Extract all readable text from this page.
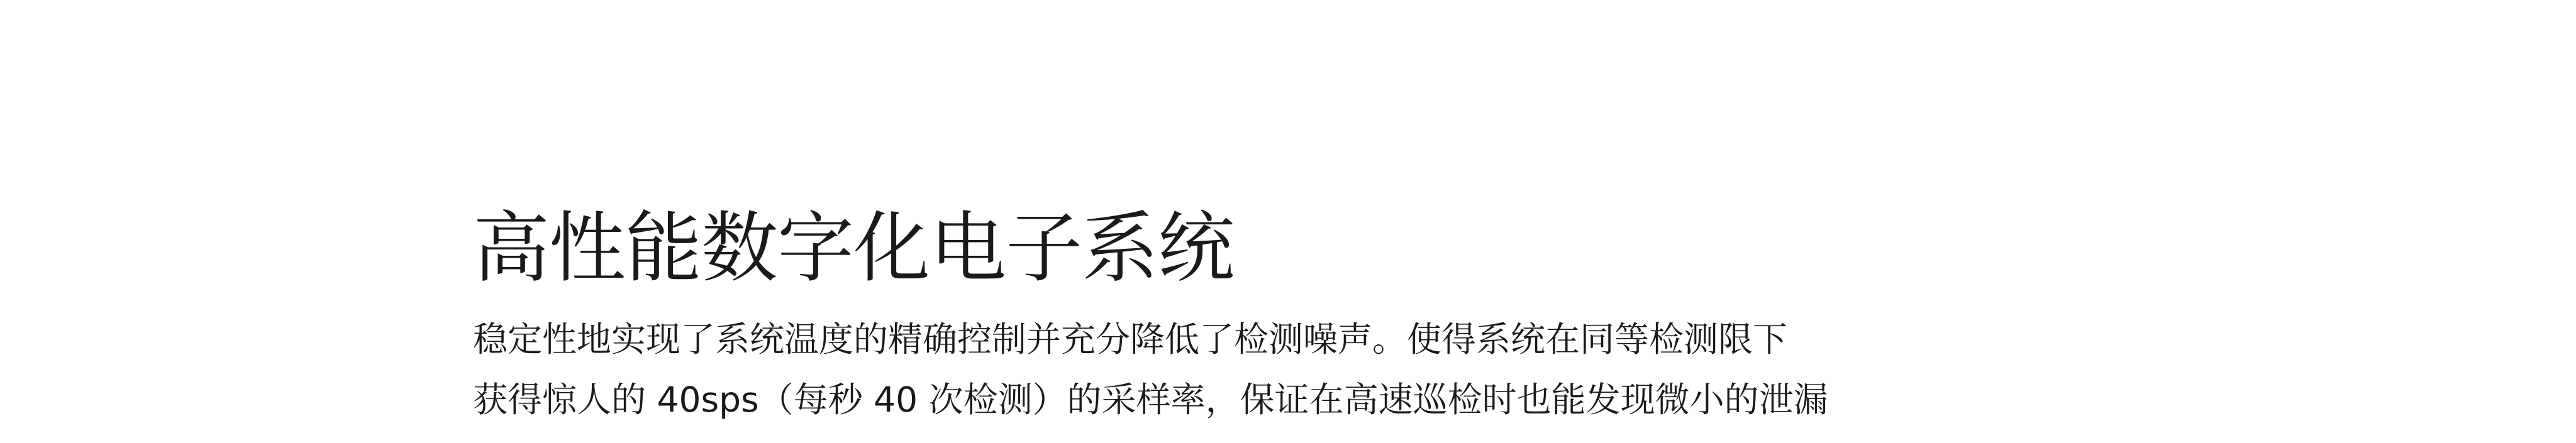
高性能数字化电子系统

稳定性地实现了系统温度的精确控制并充分降低了检测噪声。使得系统在同等检测限下
获得惊人的 40sps（每秒 40 次检测）的采样率，保证在高速巡检时也能发现微小的泄漏
